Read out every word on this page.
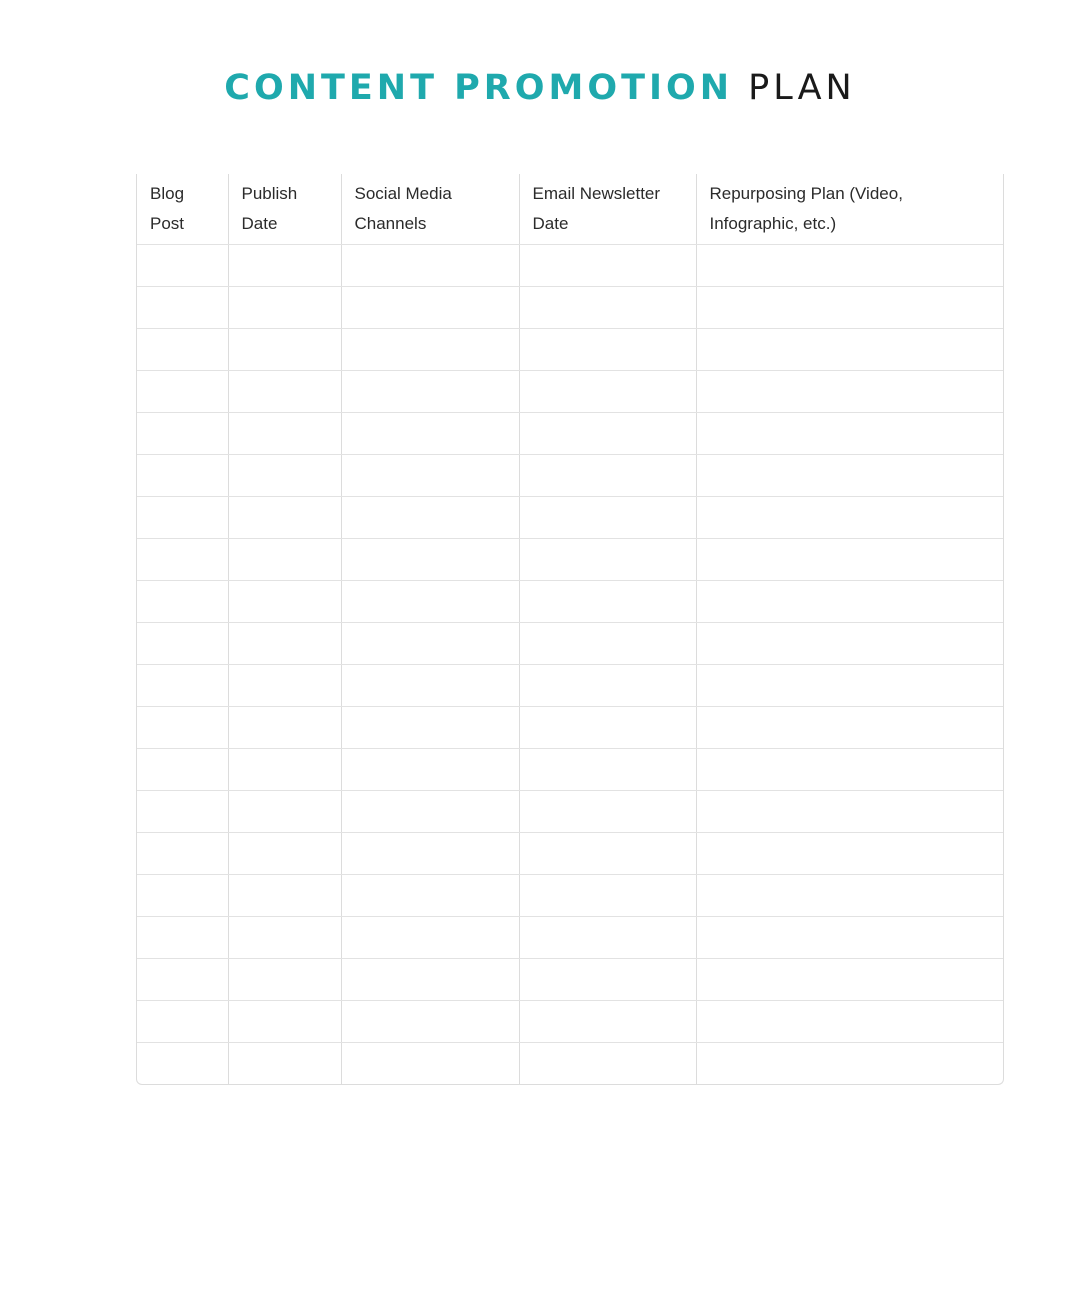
CONTENT PROMOTION PLAN
Blog Post	Publish Date	Social Media Channels	Email Newsletter Date	Repurposing Plan (Video, Infographic, etc.)
